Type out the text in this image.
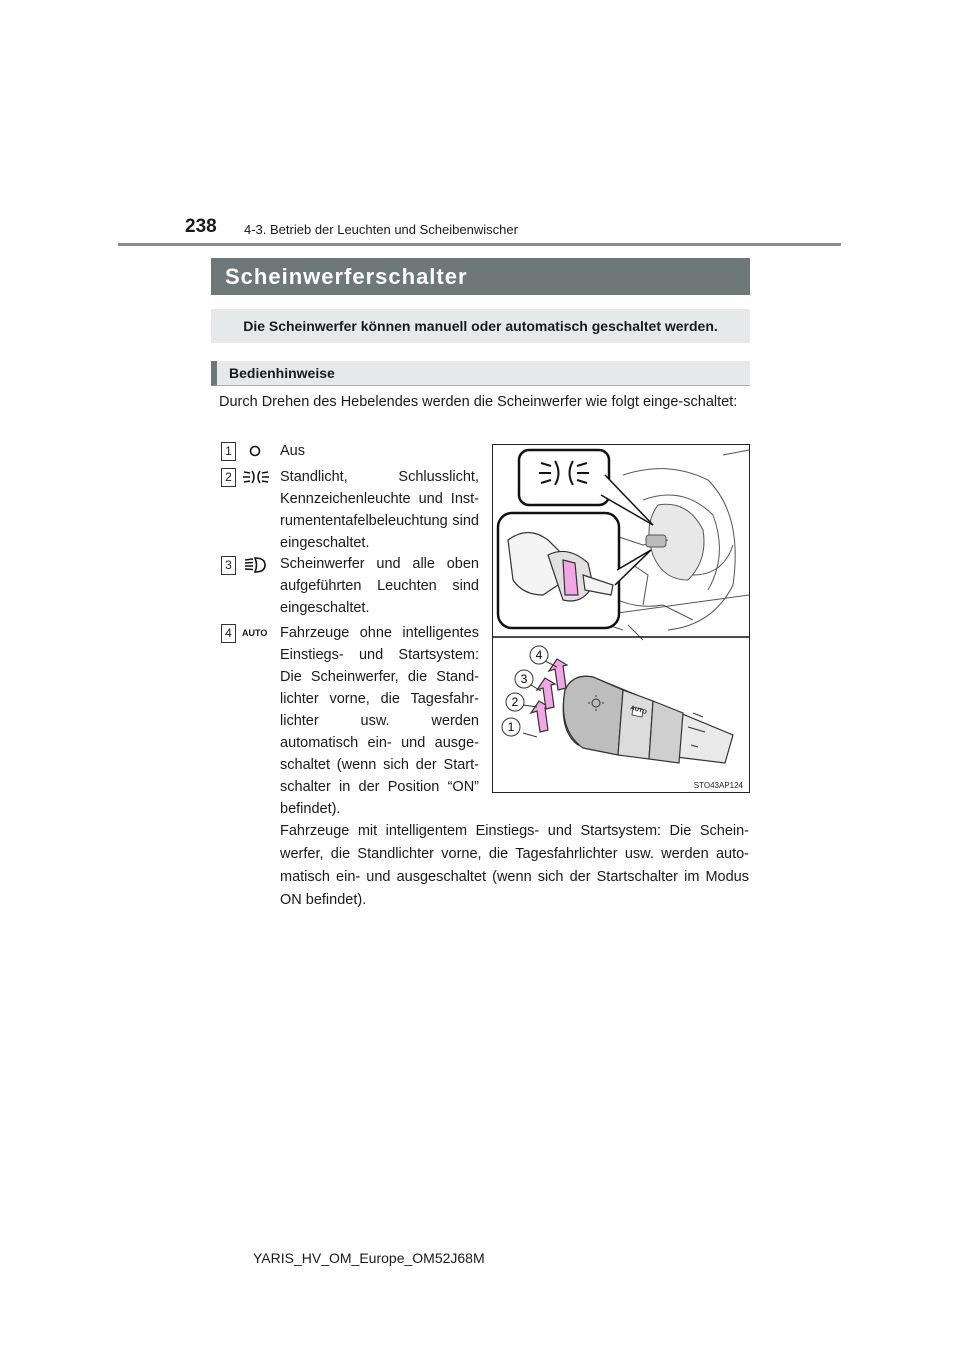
238 4-3. Betrieb der Leuchten und Scheibenwischer
Scheinwerferschalter
Die Scheinwerfer können manuell oder automatisch geschaltet werden.
Bedienhinweise
Durch Drehen des Hebelendes werden die Scheinwerfer wie folgt einge-schaltet:
1	Aus
2	Standlicht, Schlusslicht, Kennzeichenleuchte und Inst-rumententafelbeleuchtung sind eingeschaltet.
3	Scheinwerfer und alle oben aufgeführten Leuchten sind eingeschaltet.
4	AUTO Fahrzeuge ohne intelligentes Einstiegs- und Startsystem: Die Scheinwerfer, die Stand-lichter vorne, die Tagesfahr-lichter usw. werden automatisch ein- und ausge-schaltet (wenn sich der Start-schalter in der Position “ON” befindet).
AUTO
1
2
3
4
STO43AP124
Fahrzeuge mit intelligentem Einstiegs- und Startsystem: Die Schein-werfer, die Standlichter vorne, die Tagesfahrlichter usw. werden auto-matisch ein- und ausgeschaltet (wenn sich der Startschalter im Modus ON befindet).
YARIS_HV_OM_Europe_OM52J68M
